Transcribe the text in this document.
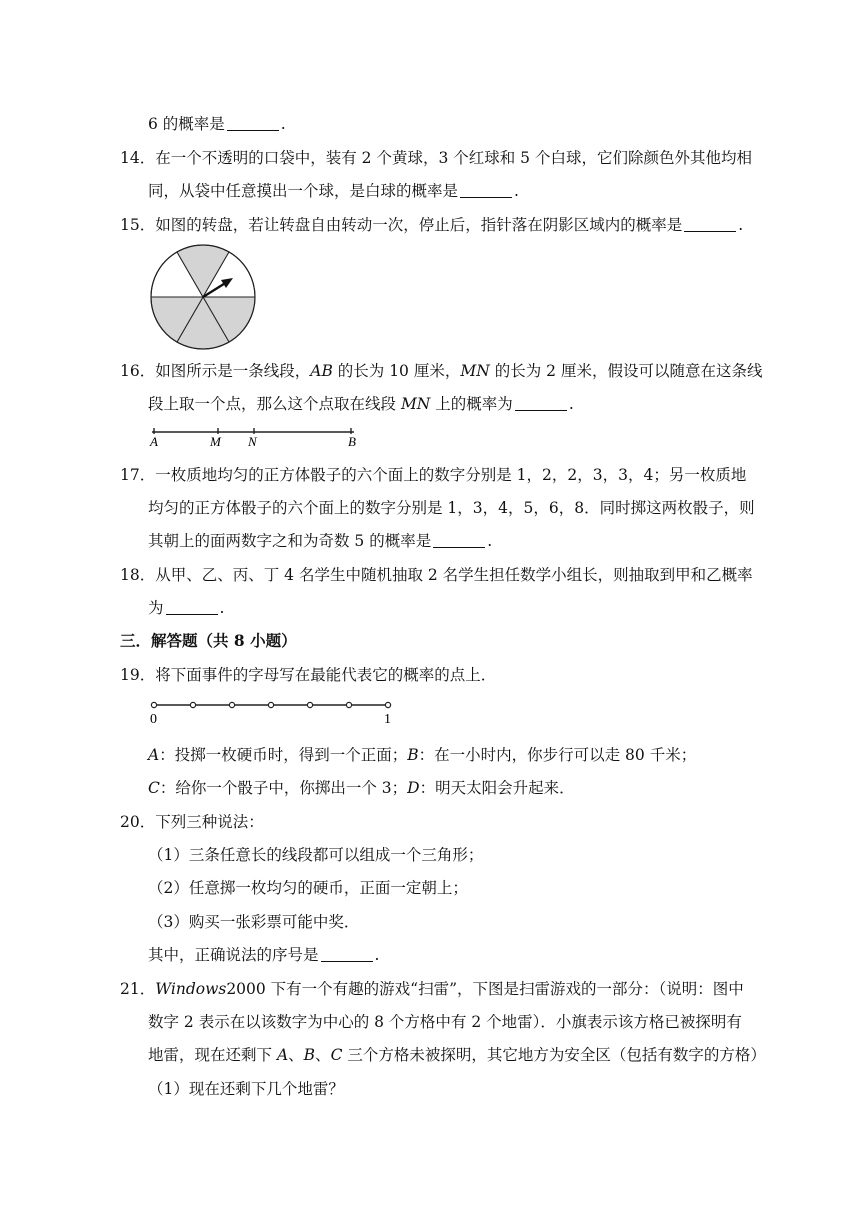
6 的概率是	.
14．在一个不透明的口袋中，装有 2 个黄球，3 个红球和 5 个白球，它们除颜色外其他均相
同，从袋中任意摸出一个球，是白球的概率是	.
15．如图的转盘，若让转盘自由转动一次，停止后，指针落在阴影区域内的概率是	.
16．如图所示是一条线段，AB 的长为 10 厘米，MN 的长为 2 厘米，假设可以随意在这条线
段上取一个点，那么这个点取在线段 MN 上的概率为	.
A	M N	B
17．一枚质地均匀的正方体骰子的六个面上的数字分别是 1，2，2，3，3，4；另一枚质地
均匀的正方体骰子的六个面上的数字分别是 1，3，4，5，6，8．同时掷这两枚骰子，则
其朝上的面两数字之和为奇数 5 的概率是	.
18．从甲、乙、丙、丁 4 名学生中随机抽取 2 名学生担任数学小组长，则抽取到甲和乙概率
为	.
三．解答题（共 8 小题）
19．将下面事件的字母写在最能代表它的概率的点上．
0	1
A：投掷一枚硬币时，得到一个正面；B：在一小时内，你步行可以走 80 千米；
C：给你一个骰子中，你掷出一个 3；D：明天太阳会升起来．
20．下列三种说法：
（1）三条任意长的线段都可以组成一个三角形；
（2）任意掷一枚均匀的硬币，正面一定朝上；
（3）购买一张彩票可能中奖．
其中，正确说法的序号是	.
21．Windows2000 下有一个有趣的游戏“扫雷”，下图是扫雷游戏的一部分：（说明：图中
数字 2 表示在以该数字为中心的 8 个方格中有 2 个地雷）．小旗表示该方格已被探明有
地雷，现在还剩下 A、B、C 三个方格未被探明，其它地方为安全区（包括有数字的方格）
（1）现在还剩下几个地雷？
